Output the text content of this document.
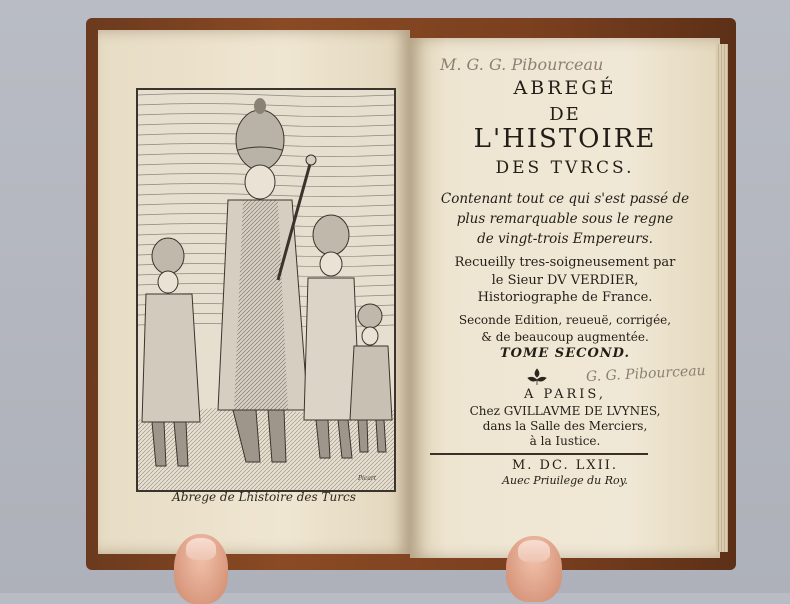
Picart
Abrege de Lhistoire des Turcs
M. G. G. Pibourceau
ABREGÉ
DE
L'HISTOIRE
DES TVRCS.
Contenant tout ce qui s'est passé de
plus remarquable sous le regne
de vingt-trois Empereurs.
Recueilly tres-soigneusement par
le Sieur DV VERDIER,
Historiographe de France.
Seconde Edition, reueuë, corrigée,
& de beaucoup augmentée.
TOME SECOND.
G. G. Pibourceau
A PARIS,
Chez GVILLAVME DE LVYNES,
dans la Salle des Merciers,
à la Iustice.
M. DC. LXII.
Auec Priuilege du Roy.
